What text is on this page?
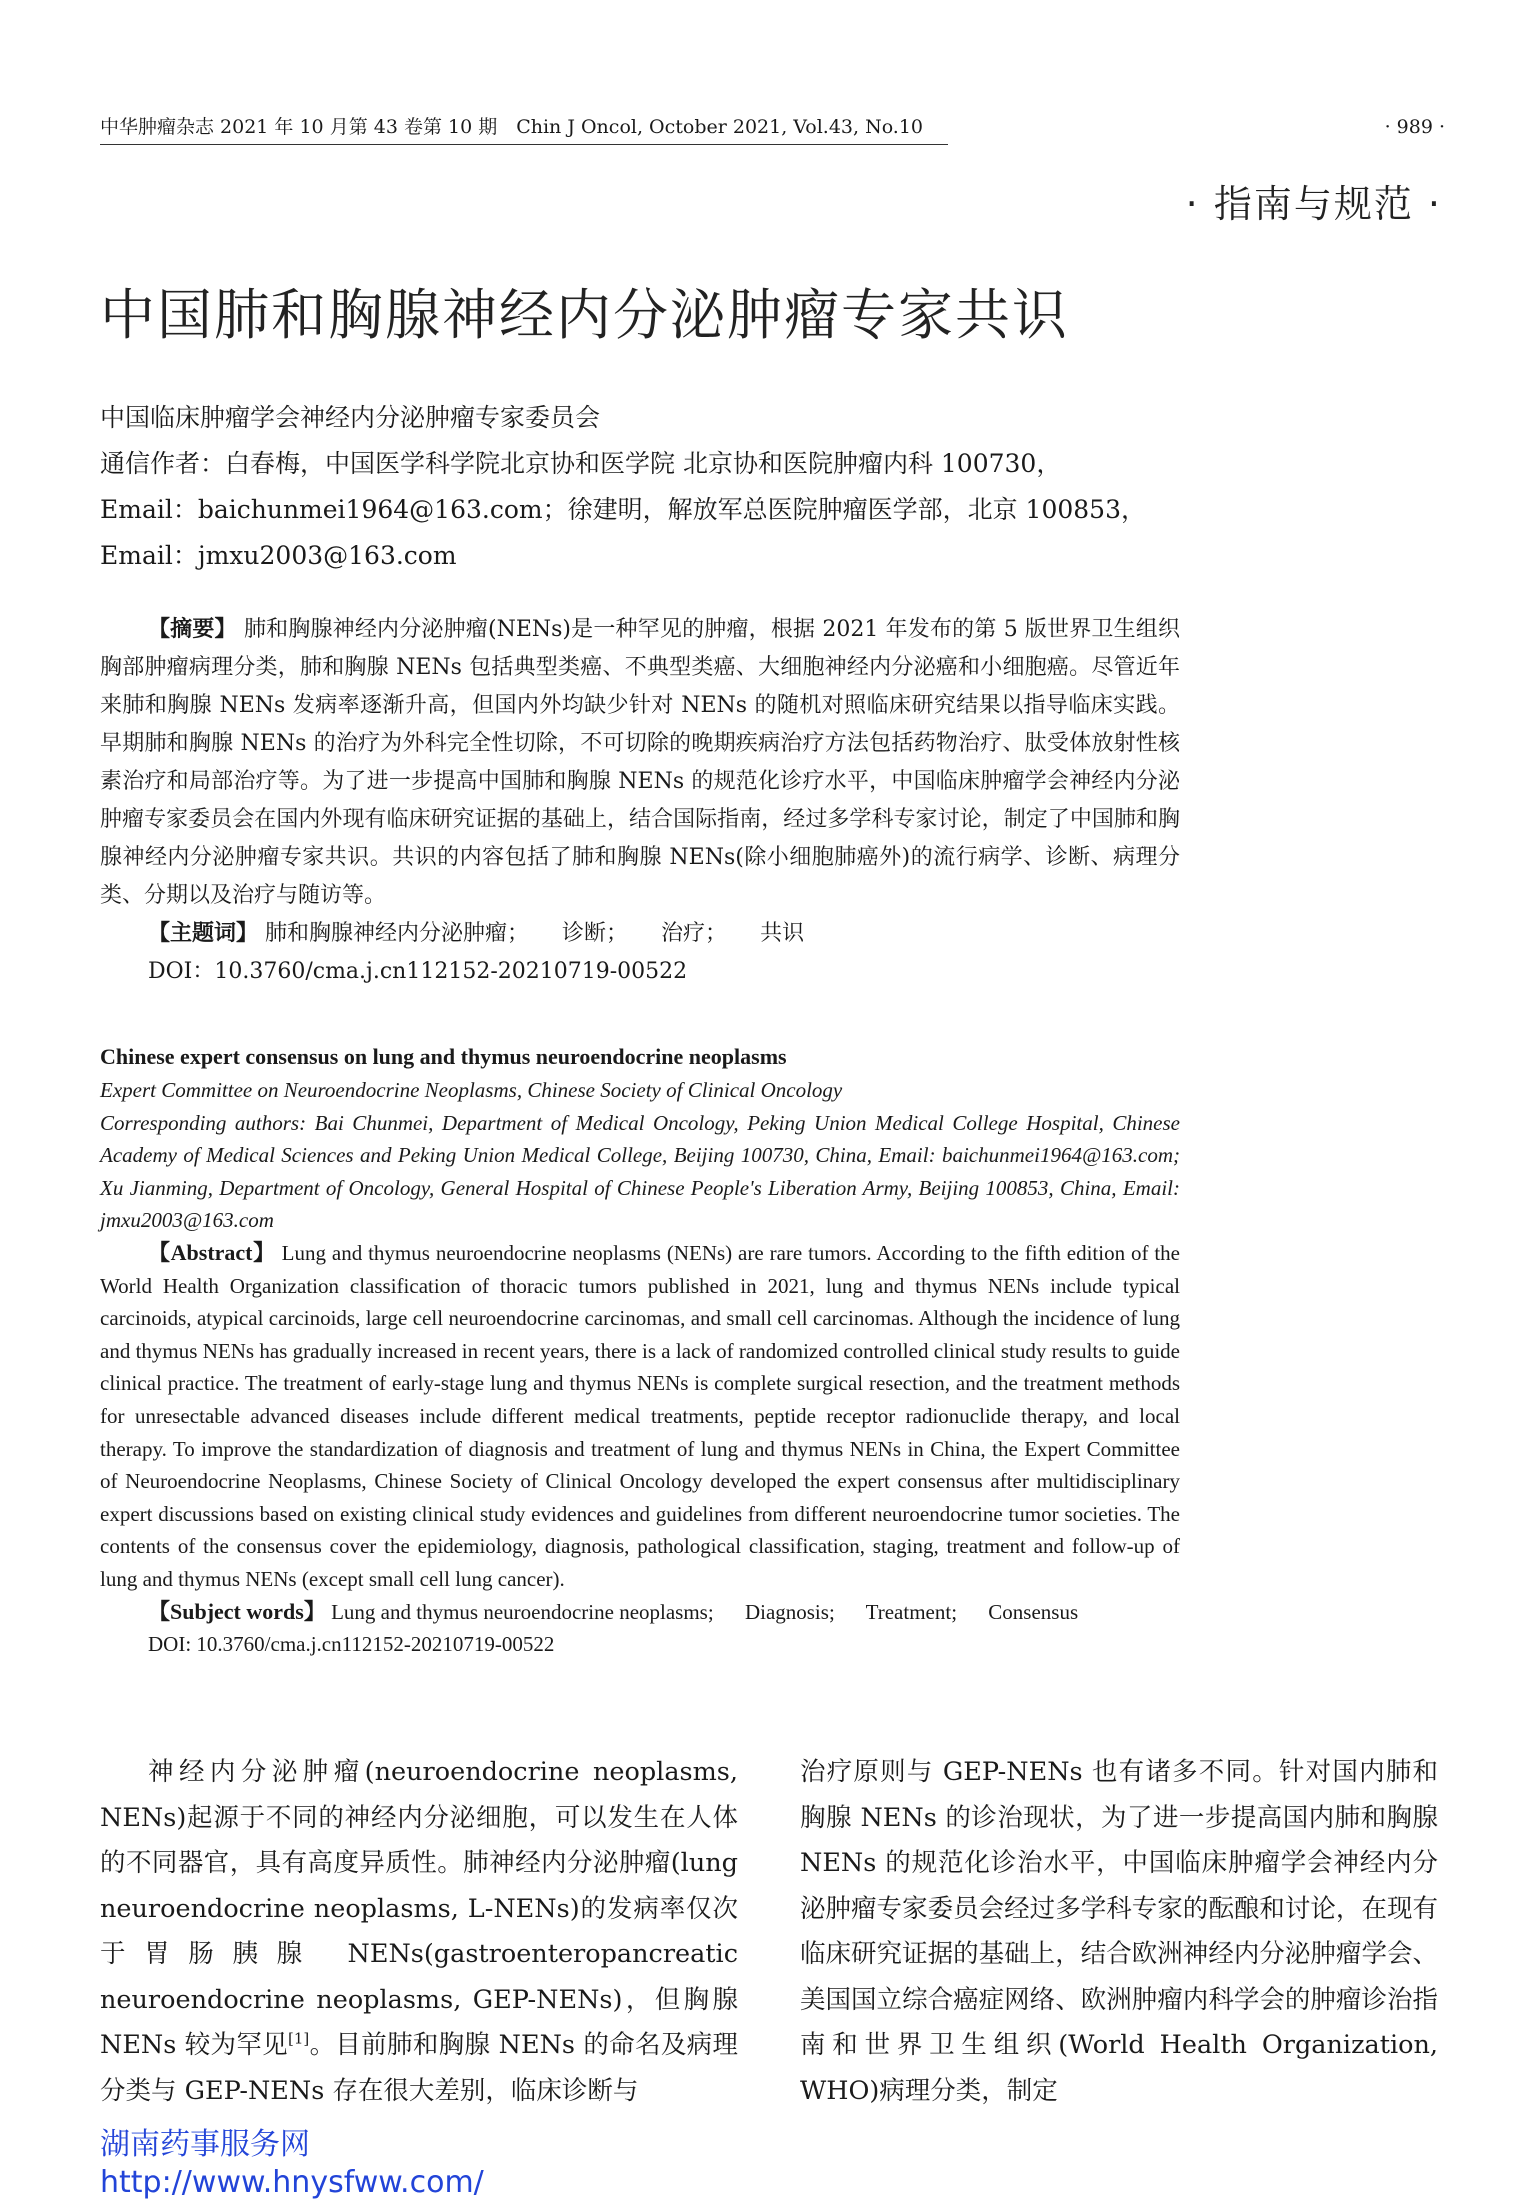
中华肿瘤杂志 2021 年 10 月第 43 卷第 10 期　Chin J Oncol, October 2021, Vol.43, No.10	· 989 ·
· 指南与规范 ·
中国肺和胸腺神经内分泌肿瘤专家共识
中国临床肿瘤学会神经内分泌肿瘤专家委员会
通信作者：白春梅，中国医学科学院北京协和医学院 北京协和医院肿瘤内科 100730，
Email：baichunmei1964@163.com；徐建明，解放军总医院肿瘤医学部，北京 100853，
Email：jmxu2003@163.com
【摘要】 肺和胸腺神经内分泌肿瘤(NENs)是一种罕见的肿瘤，根据 2021 年发布的第 5 版世界卫生组织胸部肿瘤病理分类，肺和胸腺 NENs 包括典型类癌、不典型类癌、大细胞神经内分泌癌和小细胞癌。尽管近年来肺和胸腺 NENs 发病率逐渐升高，但国内外均缺少针对 NENs 的随机对照临床研究结果以指导临床实践。早期肺和胸腺 NENs 的治疗为外科完全性切除，不可切除的晚期疾病治疗方法包括药物治疗、肽受体放射性核素治疗和局部治疗等。为了进一步提高中国肺和胸腺 NENs 的规范化诊疗水平，中国临床肿瘤学会神经内分泌肿瘤专家委员会在国内外现有临床研究证据的基础上，结合国际指南，经过多学科专家讨论，制定了中国肺和胸腺神经内分泌肿瘤专家共识。共识的内容包括了肺和胸腺 NENs(除小细胞肺癌外)的流行病学、诊断、病理分类、分期以及治疗与随访等。
【主题词】 肺和胸腺神经内分泌肿瘤； 诊断； 治疗； 共识
DOI：10.3760/cma.j.cn112152-20210719-00522
Chinese expert consensus on lung and thymus neuroendocrine neoplasms
Expert Committee on Neuroendocrine Neoplasms, Chinese Society of Clinical Oncology
Corresponding authors: Bai Chunmei, Department of Medical Oncology, Peking Union Medical College Hospital, Chinese Academy of Medical Sciences and Peking Union Medical College, Beijing 100730, China, Email: baichunmei1964@163.com; Xu Jianming, Department of Oncology, General Hospital of Chinese People's Liberation Army, Beijing 100853, China, Email: jmxu2003@163.com
【Abstract】 Lung and thymus neuroendocrine neoplasms (NENs) are rare tumors. According to the fifth edition of the World Health Organization classification of thoracic tumors published in 2021, lung and thymus NENs include typical carcinoids, atypical carcinoids, large cell neuroendocrine carcinomas, and small cell carcinomas. Although the incidence of lung and thymus NENs has gradually increased in recent years, there is a lack of randomized controlled clinical study results to guide clinical practice. The treatment of early-stage lung and thymus NENs is complete surgical resection, and the treatment methods for unresectable advanced diseases include different medical treatments, peptide receptor radionuclide therapy, and local therapy. To improve the standardization of diagnosis and treatment of lung and thymus NENs in China, the Expert Committee of Neuroendocrine Neoplasms, Chinese Society of Clinical Oncology developed the expert consensus after multidisciplinary expert discussions based on existing clinical study evidences and guidelines from different neuroendocrine tumor societies. The contents of the consensus cover the epidemiology, diagnosis, pathological classification, staging, treatment and follow-up of lung and thymus NENs (except small cell lung cancer).
【Subject words】 Lung and thymus neuroendocrine neoplasms; Diagnosis; Treatment; Consensus
DOI: 10.3760/cma.j.cn112152-20210719-00522
神经内分泌肿瘤(neuroendocrine neoplasms, NENs)起源于不同的神经内分泌细胞，可以发生在人体的不同器官，具有高度异质性。肺神经内分泌肿瘤(lung neuroendocrine neoplasms, L-NENs)的发病率仅次于胃肠胰腺 NENs(gastroenteropancreatic neuroendocrine neoplasms, GEP-NENs)，但胸腺 NENs 较为罕见[1]。目前肺和胸腺 NENs 的命名及病理分类与 GEP-NENs 存在很大差别，临床诊断与
治疗原则与 GEP-NENs 也有诸多不同。针对国内肺和胸腺 NENs 的诊治现状，为了进一步提高国内肺和胸腺 NENs 的规范化诊治水平，中国临床肿瘤学会神经内分泌肿瘤专家委员会经过多学科专家的酝酿和讨论，在现有临床研究证据的基础上，结合欧洲神经内分泌肿瘤学会、美国国立综合癌症网络、欧洲肿瘤内科学会的肿瘤诊治指南和世界卫生组织(World Health Organization, WHO)病理分类，制定
湖南药事服务网
http://www.hnysfww.com/
